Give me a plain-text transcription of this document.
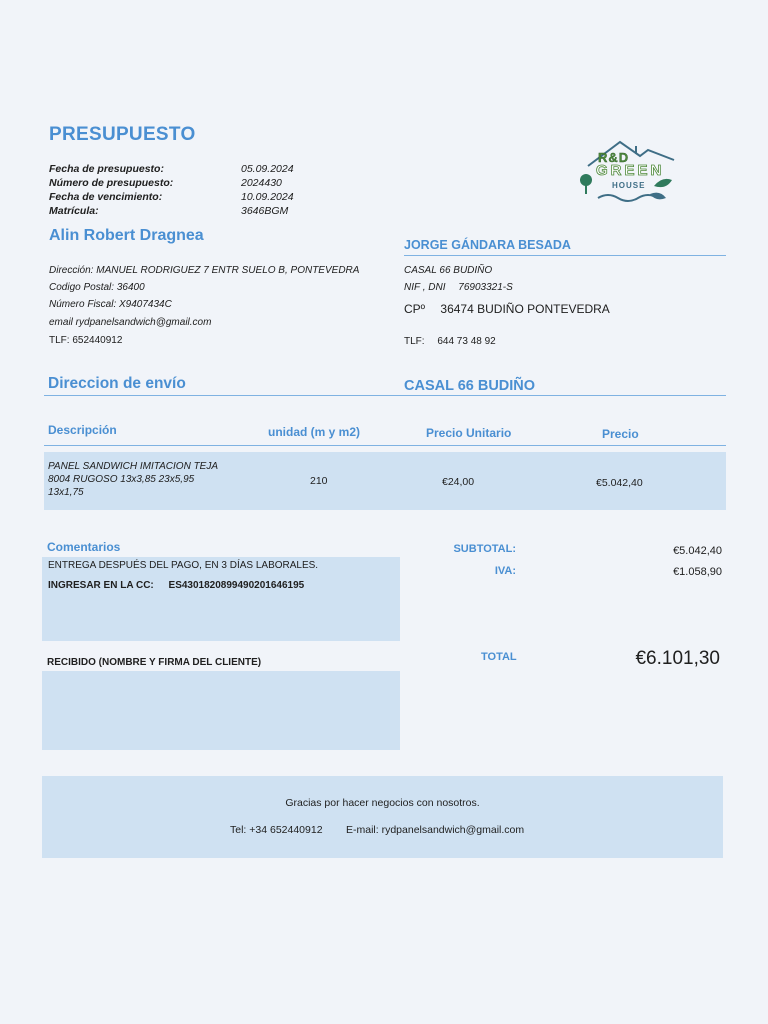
PRESUPUESTO
Fecha de presupuesto:	05.09.2024
Número de presupuesto:	2024430
Fecha de vencimiento:	10.09.2024
Matrícula:	3646BGM
R&D
GREEN
HOUSE
Alin Robert Dragnea
Dirección: MANUEL RODRIGUEZ 7 ENTR SUELO B, PONTEVEDRA
Codigo Postal: 36400
Número Fiscal: X9407434C
email rydpanelsandwich@gmail.com
TLF: 652440912
JORGE GÁNDARA BESADA
CASAL 66 BUDIÑO
NIF , DNI 76903321-S
CPº 36474 BUDIÑO PONTEVEDRA
TLF: 644 73 48 92
Direccion de envío	CASAL 66 BUDIÑO
Descripción	unidad (m y m2)	Precio Unitario	Precio
PANEL SANDWICH IMITACION TEJA
8004 RUGOSO 13x3,85 23x5,95
13x1,75
210	€24,00	€5.042,40
Comentarios
ENTREGA DESPUÉS DEL PAGO, EN 3 DÍAS LABORALES.
INGRESAR EN LA CC: ES4301820899490201646195
SUBTOTAL:	€5.042,40
IVA:	€1.058,90
TOTAL	€6.101,30
RECIBIDO (NOMBRE Y FIRMA DEL CLIENTE)
Gracias por hacer negocios con nosotros.
Tel: +34 652440912 E-mail: rydpanelsandwich@gmail.com
